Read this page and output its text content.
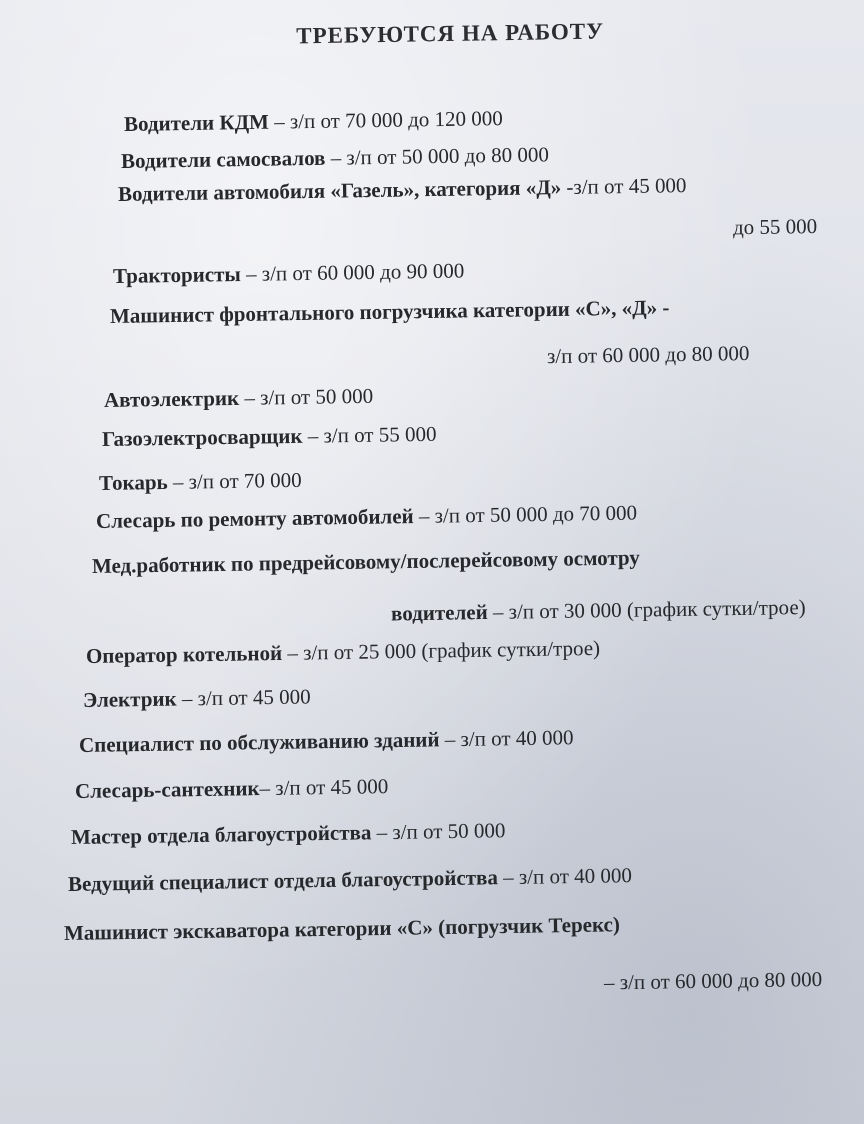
ТРЕБУЮТСЯ НА РАБОТУ
Водители КДМ – з/п от 70 000 до 120 000
Водители самосвалов – з/п от 50 000 до 80 000
Водители автомобиля «Газель», категория «Д» -з/п от 45 000
до 55 000
Трактористы – з/п от 60 000 до 90 000
Машинист фронтального погрузчика категории «С», «Д» -
з/п от 60 000 до 80 000
Автоэлектрик – з/п от 50 000
Газоэлектросварщик – з/п от 55 000
Токарь – з/п от 70 000
Слесарь по ремонту автомобилей – з/п от 50 000 до 70 000
Мед.работник по предрейсовому/послерейсовому осмотру
водителей – з/п от 30 000 (график сутки/трое)
Оператор котельной – з/п от 25 000 (график сутки/трое)
Электрик – з/п от 45 000
Специалист по обслуживанию зданий – з/п от 40 000
Слесарь-сантехник– з/п от 45 000
Мастер отдела благоустройства – з/п от 50 000
Ведущий специалист отдела благоустройства – з/п от 40 000
Машинист экскаватора категории «С» (погрузчик Терекс)
– з/п от 60 000 до 80 000
